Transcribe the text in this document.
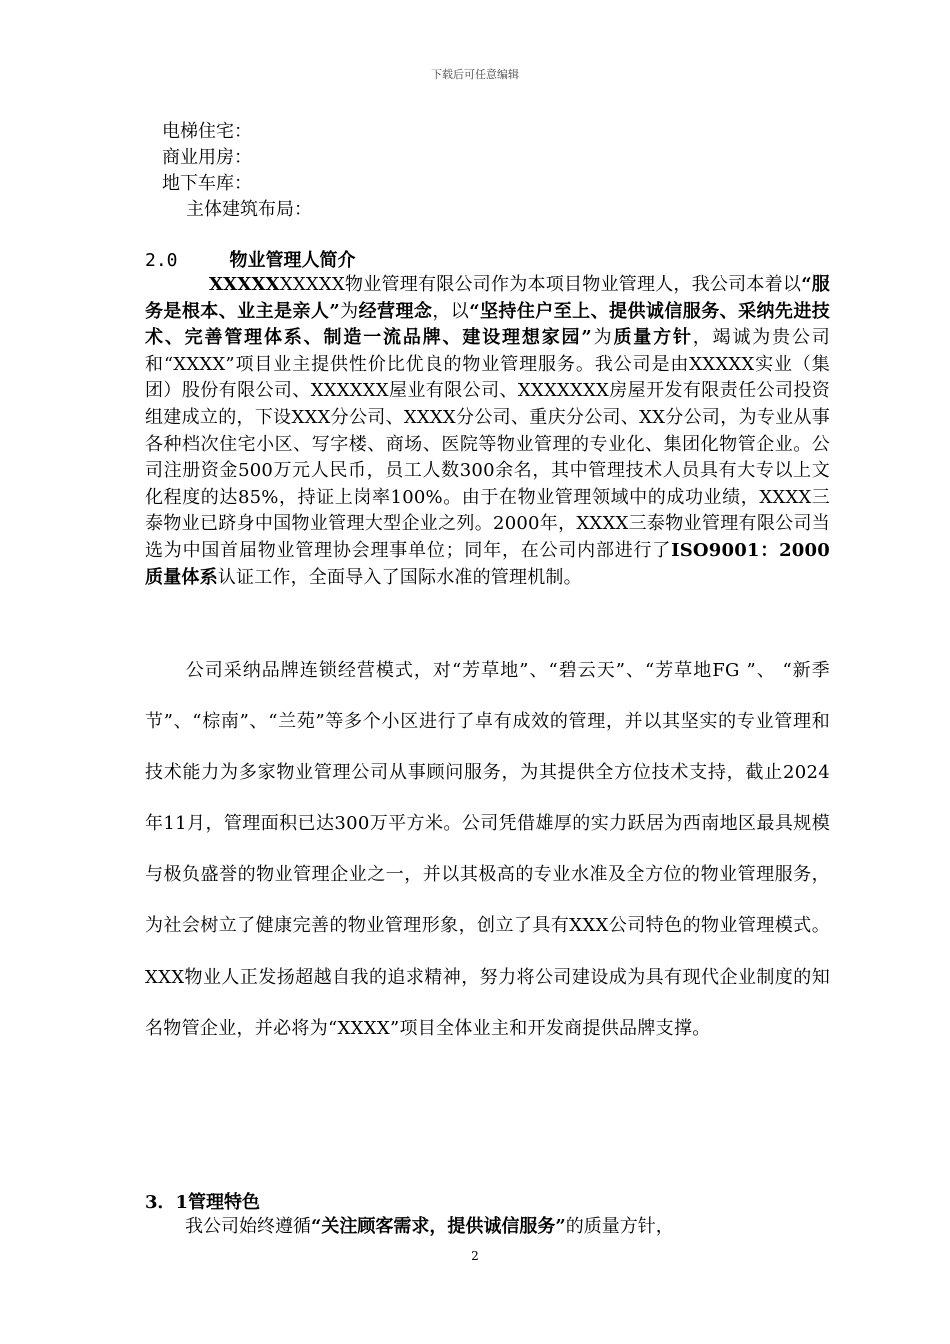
下载后可任意编辑
电梯住宅：
商业用房：
地下车库：
主体建筑布局：
2.0	物业管理人简介
XXXXXXXXXX物业管理有限公司作为本项目物业管理人，我公司本着以“服务是根本、业主是亲人”为经营理念，以“坚持住户至上、提供诚信服务、采纳先进技术、完善管理体系、制造一流品牌、建设理想家园”为质量方针，竭诚为贵公司和“XXXX”项目业主提供性价比优良的物业管理服务。我公司是由XXXXX实业（集团）股份有限公司、XXXXXX屋业有限公司、XXXXXXX房屋开发有限责任公司投资组建成立的，下设XXX分公司、XXXX分公司、重庆分公司、XX分公司，为专业从事各种档次住宅小区、写字楼、商场、医院等物业管理的专业化、集团化物管企业。公司注册资金500万元人民币，员工人数300余名，其中管理技术人员具有大专以上文化程度的达85%，持证上岗率100%。由于在物业管理领域中的成功业绩，XXXX三泰物业已跻身中国物业管理大型企业之列。2000年，XXXX三泰物业管理有限公司当选为中国首届物业管理协会理事单位；同年，在公司内部进行了ISO9001：2000质量体系认证工作，全面导入了国际水准的管理机制。
公司采纳品牌连锁经营模式，对“芳草地”、“碧云天”、“芳草地FG ”、 “新季节”、“棕南”、“兰苑”等多个小区进行了卓有成效的管理，并以其坚实的专业管理和技术能力为多家物业管理公司从事顾问服务，为其提供全方位技术支持，截止2024年11月，管理面积已达300万平方米。公司凭借雄厚的实力跃居为西南地区最具规模与极负盛誉的物业管理企业之一，并以其极高的专业水准及全方位的物业管理服务，为社会树立了健康完善的物业管理形象，创立了具有XXX公司特色的物业管理模式。XXX物业人正发扬超越自我的追求精神，努力将公司建设成为具有现代企业制度的知名物管企业，并必将为“XXXX”项目全体业主和开发商提供品牌支撑。
3．1管理特色
我公司始终遵循“关注顾客需求，提供诚信服务”的质量方针，
2
